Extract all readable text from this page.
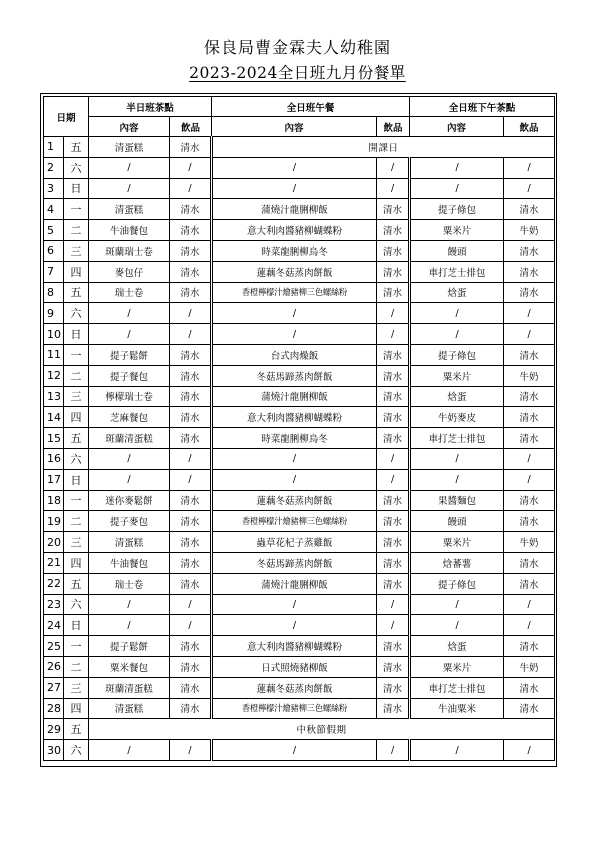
保良局曹金霖夫人幼稚園
2023-2024全日班九月份餐單
日期		半日班茶點		全日班午餐		全日班下午茶點	
		內容	飲品	內容	飲品	內容	飲品
1	五	清蛋糕	清水	開課日			
2	六	/	/	/	/	/	/
3	日	/	/	/	/	/	/
4	一	清蛋糕	清水	蒲燒汁龍脷柳飯	清水	提子條包	清水
5	二	牛油餐包	清水	意大利肉醬豬柳蝴蝶粉	清水	粟米片	牛奶
6	三	斑蘭瑞士卷	清水	時菜龍脷柳烏冬	清水	饅頭	清水
7	四	麥包仔	清水	蓮藕冬菇蒸肉餅飯	清水	車打芝士排包	清水
8	五	瑞士卷	清水	香橙檸檬汁燴豬柳三色螺絲粉	清水	焓蛋	清水
9	六	/	/	/	/	/	/
10	日	/	/	/	/	/	/
11	一	提子鬆餅	清水	台式肉燥飯	清水	提子條包	清水
12	二	提子餐包	清水	冬菇馬蹄蒸肉餅飯	清水	粟米片	牛奶
13	三	檸檬瑞士卷	清水	蒲燒汁龍脷柳飯	清水	焓蛋	清水
14	四	芝麻餐包	清水	意大利肉醬豬柳蝴蝶粉	清水	牛奶麥皮	清水
15	五	斑蘭清蛋糕	清水	時菜龍脷柳烏冬	清水	車打芝士排包	清水
16	六	/	/	/	/	/	/
17	日	/	/	/	/	/	/
18	一	迷你麥鬆餅	清水	蓮藕冬菇蒸肉餅飯	清水	果醬麵包	清水
19	二	提子麥包	清水	香橙檸檬汁燴豬柳三色螺絲粉	清水	饅頭	清水
20	三	清蛋糕	清水	蟲草花杞子蒸雞飯	清水	粟米片	牛奶
21	四	牛油餐包	清水	冬菇馬蹄蒸肉餅飯	清水	焓蕃薯	清水
22	五	瑞士卷	清水	蒲燒汁龍脷柳飯	清水	提子條包	清水
23	六	/	/	/	/	/	/
24	日	/	/	/	/	/	/
25	一	提子鬆餅	清水	意大利肉醬豬柳蝴蝶粉	清水	焓蛋	清水
26	二	粟米餐包	清水	日式照燒豬柳飯	清水	粟米片	牛奶
27	三	斑蘭清蛋糕	清水	蓮藕冬菇蒸肉餅飯	清水	車打芝士排包	清水
28	四	清蛋糕	清水	香橙檸檬汁燴豬柳三色螺絲粉	清水	牛油粟米	清水
29	五	中秋節假期					
30	六	/	/	/	/	/	/
